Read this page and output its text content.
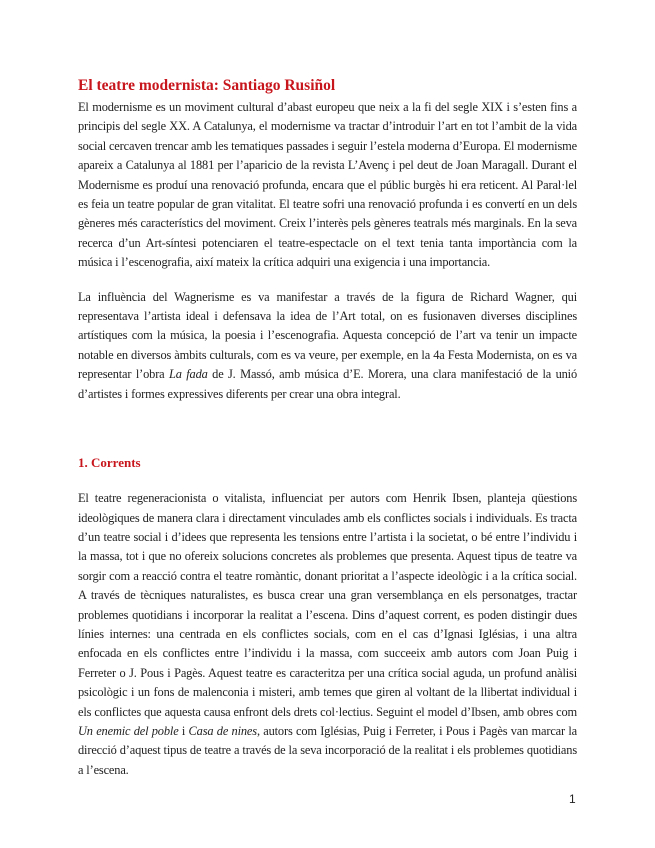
El teatre modernista: Santiago Rusiñol

El modernisme es un moviment cultural d’abast europeu que neix a la fi del segle XIX i s’esten fins a principis del segle XX. A Catalunya, el modernisme va tractar d’introduir l’art en tot l’ambit de la vida social cercaven trencar amb les tematiques passades i seguir l’estela moderna d’Europa. El modernisme apareix a Catalunya al 1881 per l’aparicio de la revista L’Avenç i pel deut de Joan Maragall. Durant el Modernisme es produí una renovació profunda, encara que el públic burgès hi era reticent. Al Paral·lel es feia un teatre popular de gran vitalitat. El teatre sofri una renovació profunda i es convertí en un dels gèneres més característics del moviment. Creix l’interès pels gèneres teatrals més marginals. En la seva recerca d’un Art-síntesi potenciaren el teatre-espectacle on el text tenia tanta importància com la música i l’escenografia, així mateix la crítica adquiri una exigencia i una importancia.

La influència del Wagnerisme es va manifestar a través de la figura de Richard Wagner, qui representava l’artista ideal i defensava la idea de l’Art total, on es fusionaven diverses disciplines artístiques com la música, la poesia i l’escenografia. Aquesta concepció de l’art va tenir un impacte notable en diversos àmbits culturals, com es va veure, per exemple, en la 4a Festa Modernista, on es va representar l’obra La fada de J. Massó, amb música d’E. Morera, una clara manifestació de la unió d’artistes i formes expressives diferents per crear una obra integral.

1. Corrents

El teatre regeneracionista o vitalista, influenciat per autors com Henrik Ibsen, planteja qüestions ideològiques de manera clara i directament vinculades amb els conflictes socials i individuals. Es tracta d’un teatre social i d’idees que representa les tensions entre l’artista i la societat, o bé entre l’individu i la massa, tot i que no ofereix solucions concretes als problemes que presenta. Aquest tipus de teatre va sorgir com a reacció contra el teatre romàntic, donant prioritat a l’aspecte ideològic i a la crítica social. A través de tècniques naturalistes, es busca crear una gran versemblança en els personatges, tractar problemes quotidians i incorporar la realitat a l’escena. Dins d’aquest corrent, es poden distingir dues línies internes: una centrada en els conflictes socials, com en el cas d’Ignasi Iglésias, i una altra enfocada en els conflictes entre l’individu i la massa, com succeeix amb autors com Joan Puig i Ferreter o J. Pous i Pagès. Aquest teatre es caracteritza per una crítica social aguda, un profund anàlisi psicològic i un fons de malenconia i misteri, amb temes que giren al voltant de la llibertat individual i els conflictes que aquesta causa enfront dels drets col·lectius. Seguint el model d’Ibsen, amb obres com Un enemic del poble i Casa de nines, autors com Iglésias, Puig i Ferreter, i Pous i Pagès van marcar la direcció d’aquest tipus de teatre a través de la seva incorporació de la realitat i els problemes quotidians a l’escena.

1
